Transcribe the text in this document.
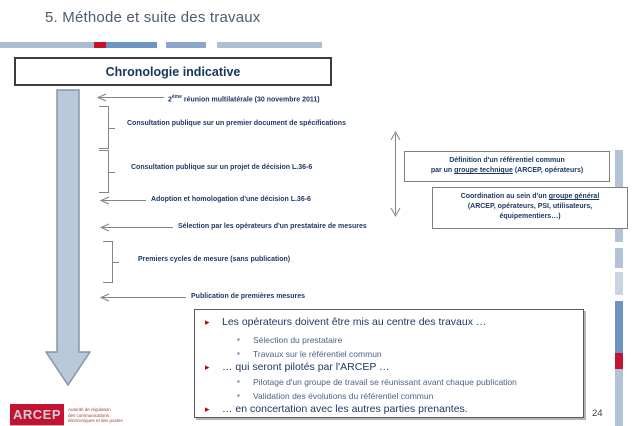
5. Méthode et suite des travaux
Chronologie indicative
2ème réunion multilatérale (30 novembre 2011)
Consultation publique sur un premier document de spécifications
Consultation publique sur un projet de décision L.36-6
Adoption et homologation d'une décision L.36-6
Sélection par les opérateurs d'un prestataire de mesures
Premiers cycles de mesure (sans publication)
Publication de premières mesures
Définition d'un référentiel commun
par un groupe technique (ARCEP, opérateurs)
Coordination au sein d'un groupe général
(ARCEP, opérateurs, PSI, utilisateurs,
équipementiers…)
▸ Les opérateurs doivent être mis au centre des travaux …
▪ Sélection du prestataire
▪ Travaux sur le référentiel commun
▸ … qui seront pilotés par l'ARCEP …
▪ Pilotage d'un groupe de travail se réunissant avant chaque publication
▪ Validation des évolutions du référentiel commun
▸ … en concertation avec les autres parties prenantes.
ARCEP Autorité de régulation
des communications
électroniques et des postes
24
